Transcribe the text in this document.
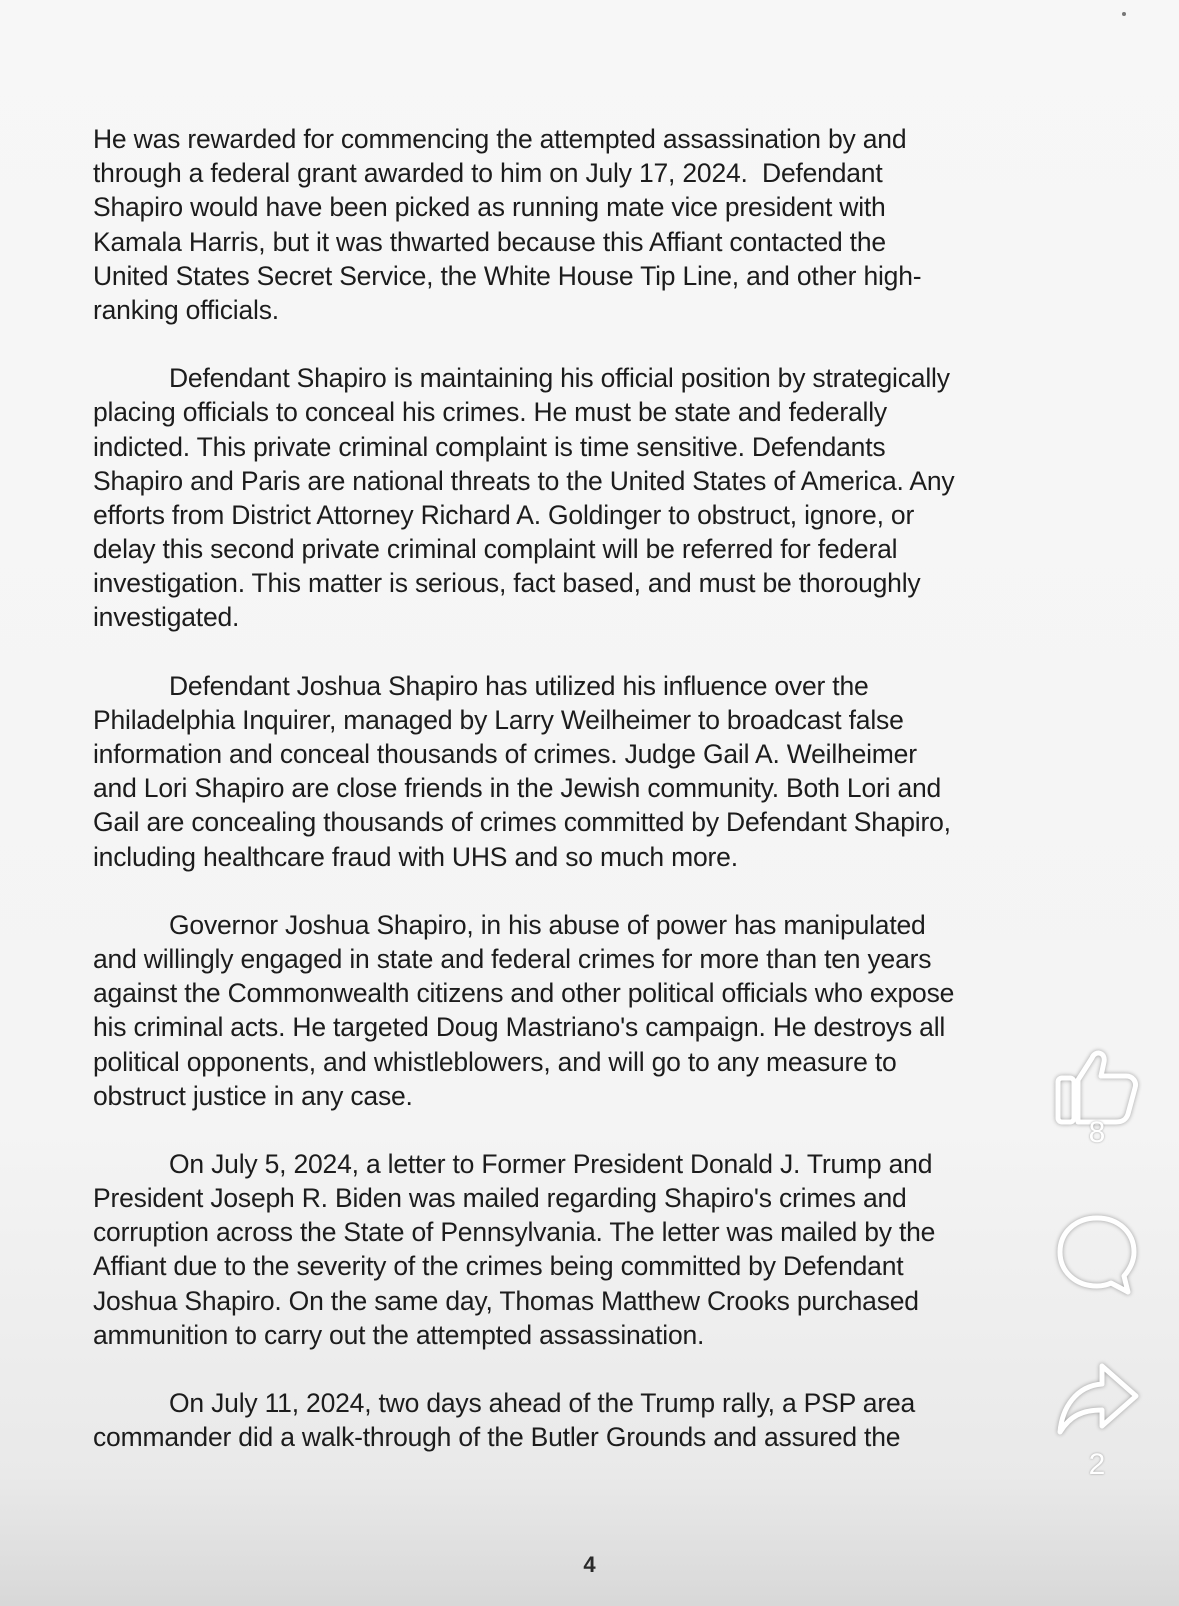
He was rewarded for commencing the attempted assassination by and
through a federal grant awarded to him on July 17, 2024.  Defendant
Shapiro would have been picked as running mate vice president with
Kamala Harris, but it was thwarted because this Affiant contacted the
United States Secret Service, the White House Tip Line, and other high-
ranking officials.
Defendant Shapiro is maintaining his official position by strategically
placing officials to conceal his crimes. He must be state and federally
indicted. This private criminal complaint is time sensitive. Defendants
Shapiro and Paris are national threats to the United States of America. Any
efforts from District Attorney Richard A. Goldinger to obstruct, ignore, or
delay this second private criminal complaint will be referred for federal
investigation. This matter is serious, fact based, and must be thoroughly
investigated.
Defendant Joshua Shapiro has utilized his influence over the
Philadelphia Inquirer, managed by Larry Weilheimer to broadcast false
information and conceal thousands of crimes. Judge Gail A. Weilheimer
and Lori Shapiro are close friends in the Jewish community. Both Lori and
Gail are concealing thousands of crimes committed by Defendant Shapiro,
including healthcare fraud with UHS and so much more.
Governor Joshua Shapiro, in his abuse of power has manipulated
and willingly engaged in state and federal crimes for more than ten years
against the Commonwealth citizens and other political officials who expose
his criminal acts. He targeted Doug Mastriano's campaign. He destroys all
political opponents, and whistleblowers, and will go to any measure to
obstruct justice in any case.
On July 5, 2024, a letter to Former President Donald J. Trump and
President Joseph R. Biden was mailed regarding Shapiro's crimes and
corruption across the State of Pennsylvania. The letter was mailed by the
Affiant due to the severity of the crimes being committed by Defendant
Joshua Shapiro. On the same day, Thomas Matthew Crooks purchased
ammunition to carry out the attempted assassination.
On July 11, 2024, two days ahead of the Trump rally, a PSP area
commander did a walk-through of the Butler Grounds and assured the
4
8
2
